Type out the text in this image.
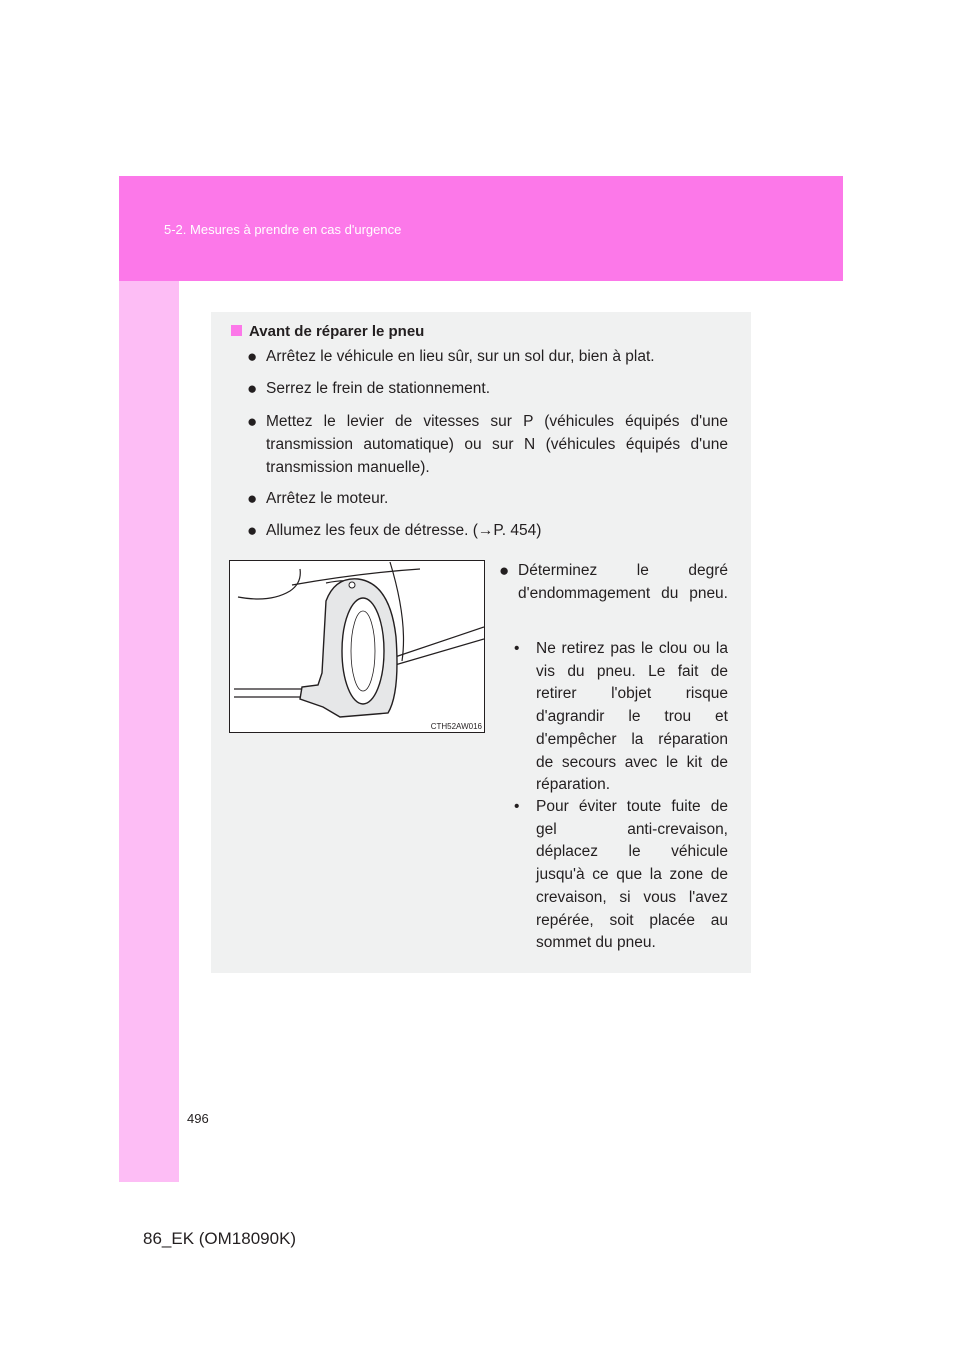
5-2. Mesures à prendre en cas d'urgence
Avant de réparer le pneu
● Arrêtez le véhicule en lieu sûr, sur un sol dur, bien à plat.
● Serrez le frein de stationnement.
● Mettez le levier de vitesses sur P (véhicules équipés d'une transmission automatique) ou sur N (véhicules équipés d'une transmission manuelle).
● Arrêtez le moteur.
● Allumez les feux de détresse. (→P. 454)
CTH52AW016
● Déterminez le degré d'endommagement du pneu.
• Ne retirez pas le clou ou la vis du pneu. Le fait de retirer l'objet risque d'agrandir le trou et d'empêcher la réparation de secours avec le kit de réparation.
• Pour éviter toute fuite de gel anti-crevaison, déplacez le véhicule jusqu'à ce que la zone de crevaison, si vous l'avez repérée, soit placée au sommet du pneu.
496
86_EK (OM18090K)
